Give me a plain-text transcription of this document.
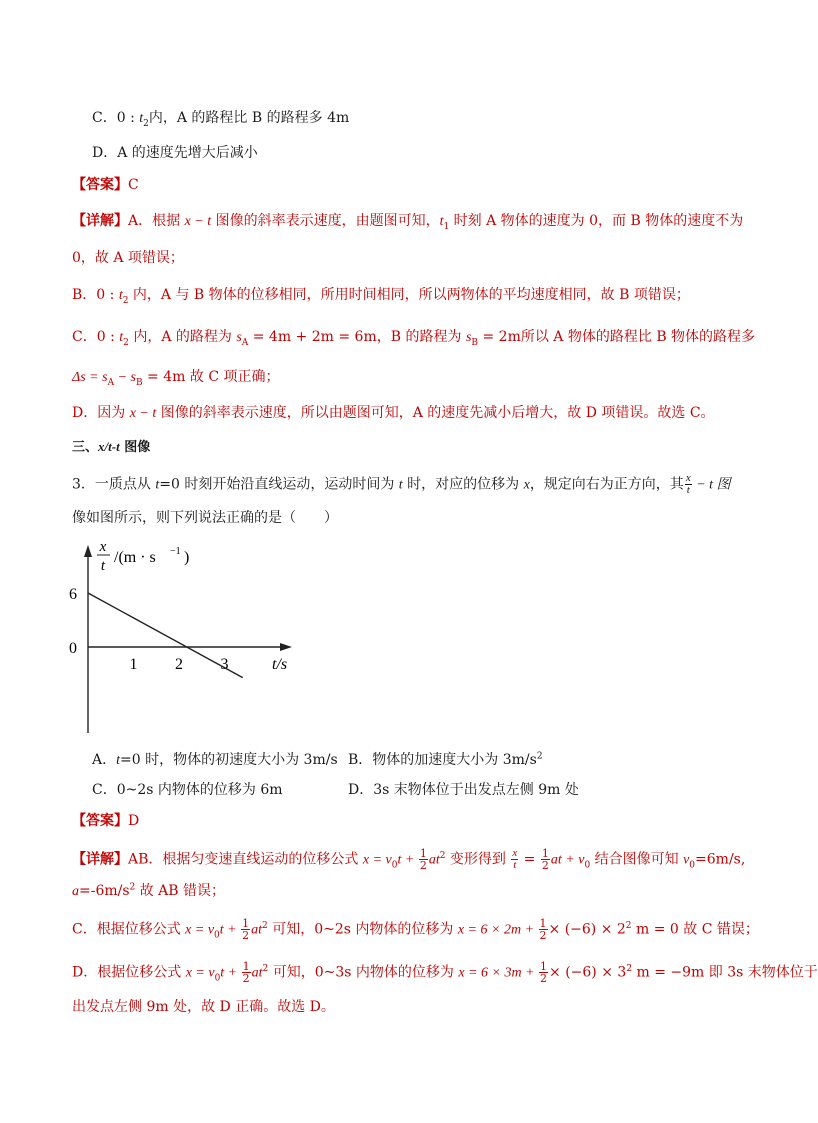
C．0 : $t_2$内，A 的路程比 B 的路程多 4m
D．A 的速度先增大后减小
【答案】C
【详解】A．根据 x − t 图像的斜率表示速度，由题图可知，$t_1$ 时刻 A 物体的速度为 0，而 B 物体的速度不为
0，故 A 项错误；
B．0 : $t_2$ 内，A 与 B 物体的位移相同，所用时间相同，所以两物体的平均速度相同，故 B 项错误；
C．0 : $t_2$ 内，A 的路程为 $s_A = 4m + 2m = 6m$，B 的路程为 $s_B = 2m$所以 A 物体的路程比 B 物体的路程多
$\Delta s = s_A - s_B = 4m$ 故 C 项正确；
D．因为 x − t 图像的斜率表示速度，所以由题图可知，A 的速度先减小后增大，故 D 项错误。故选 C。
三、x/t-t 图像
3．一质点从 t=0 时刻开始沿直线运动，运动时间为 t 时，对应的位移为 x，规定向右为正方向，其 $\frac{x}{t} - t$ 图
像如图所示，则下列说法正确的是（　　）
x
t /(m · s −1 )
6
0
1 2 3	t/s
A．t=0 时，物体的初速度大小为 3m/s B．物体的加速度大小为 $3m/s^2$
C．0~2s 内物体的位移为 6m	D．3s 末物体位于出发点左侧 9m 处
【答案】D
【详解】AB．根据匀变速直线运动的位移公式 $x = v_0t + \frac{1}{2} at^2$ 变形得到 $\frac{x}{t} = \frac{1}{2}$ at + $v_0$ 结合图像可知 $v_0=6m/s$,
$a=-6m/s^2$ 故 AB 错误；
C．根据位移公式 $x = v_0t + \frac{1}{2} at^2$ 可知，0~2s 内物体的位移为 $x = 6 \times 2m + \frac{1}{2} \times (-6) \times 2^2$ m = 0 故 C 错误；
D．根据位移公式 $x = v_0t + \frac{1}{2} at^2$ 可知，0~3s 内物体的位移为 $x = 6 \times 3m + \frac{1}{2} \times (-6) \times 3^2$ m = −9m 即 3s 末物体位于
出发点左侧 9m 处，故 D 正确。故选 D。
